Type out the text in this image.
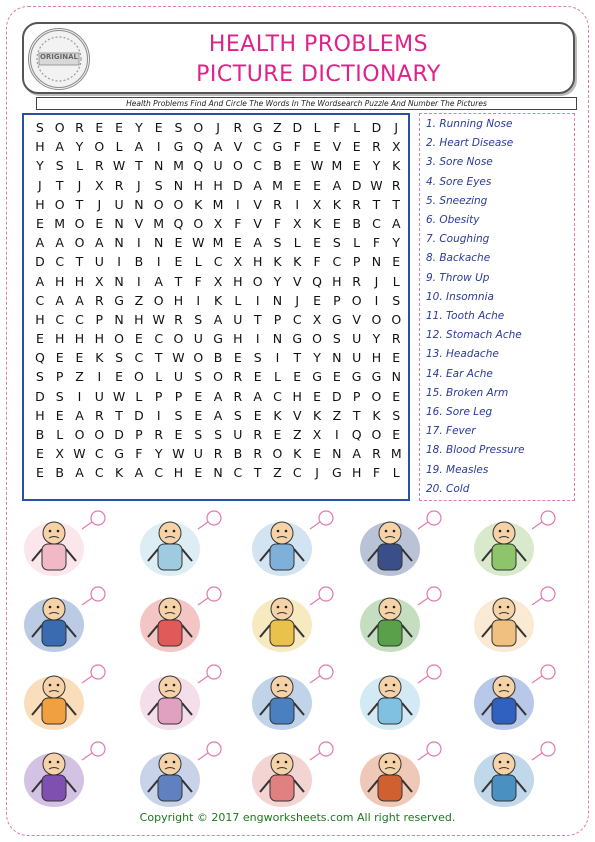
HEALTH PROBLEMS
PICTURE DICTIONARY
ORIGINAL
Health Problems Find And Circle The Words In The Wordsearch Puzzle And Number The Pictures
S O R E E Y E S O	J	R G Z D L	F	L D	J
H A Y O L A	I	G Q A V C G F E V E R X
Y S L R W T N M Q U O C B E W M E Y K
J	T	J	X R	J	S N H H D A M E E A D W R
H O T	J	U N O O K M	I	V R	I	X K R T T
E M O E N V M Q O X F V F X K E B C A
A A O A N	I	N E W M E A S L E S L	F Y
D C T U	I	B	I	E L C X H K K F C P N E
A H H X N	I	A T F X H O Y V Q H R	J	L
C A A R G Z O H	I	K L	I	N	J	E P O	I	S
H C C P N H W R S A U T P C X G V O O
E H H H O E C O U G H	I	N G O S U Y R
Q E E K S C T W O B E S	I	T Y N U H E
S P Z	I	E O L U S O R E L E G E G G N
D S	I	U W L	P P E A R A C H E D P O E
H E A R T D	I	S E A S E K V K Z T K S
B L O O D P R E S S U R E Z X	I	Q O E
E X W C G F Y W U R B R O K E N A R M
E B A C K A C H E N C T Z C	J	G H F	L
1. Running Nose
2. Heart Disease
3. Sore Nose
4. Sore Eyes
5. Sneezing
6. Obesity
7. Coughing
8. Backache
9. Throw Up
10. Insomnia
11. Tooth Ache
12. Stomach Ache
13. Headache
14. Ear Ache
15. Broken Arm
16. Sore Leg
17. Fever
18. Blood Pressure
19. Measles
20. Cold
Copyright © 2017 engworksheets.com All right reserved.
